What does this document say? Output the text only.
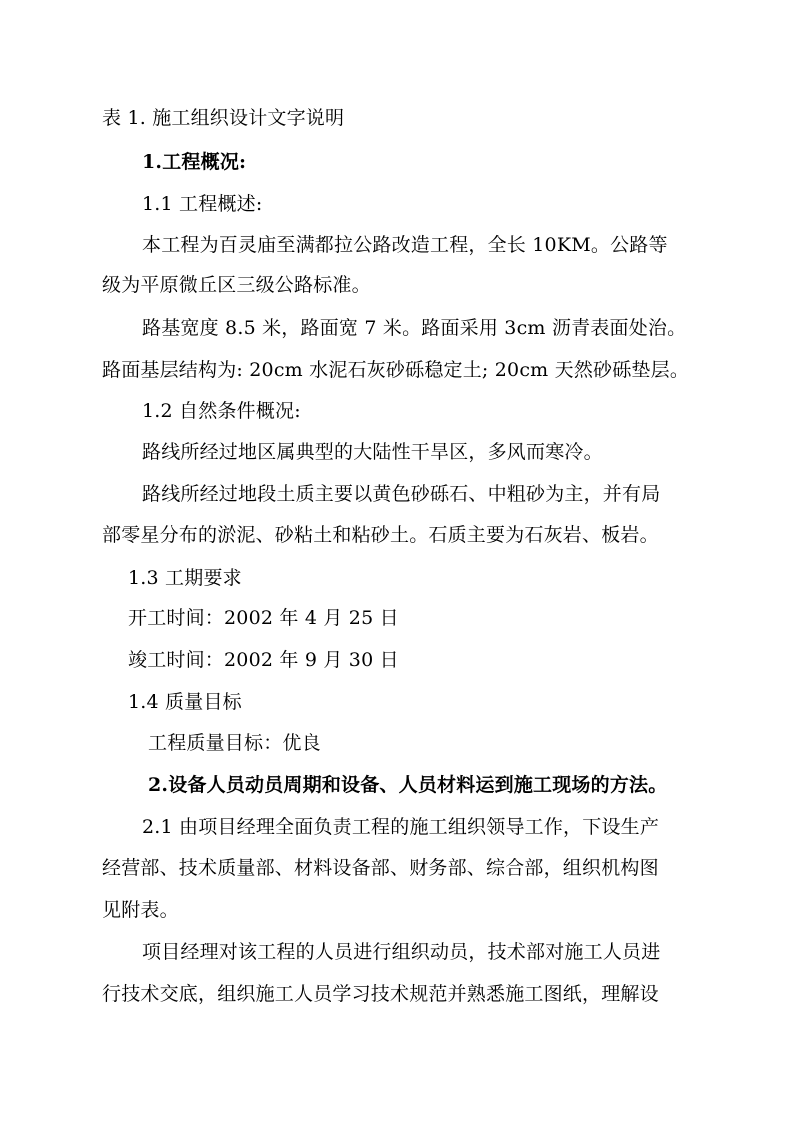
表 1. 施工组织设计文字说明
1.工程概况:
1.1 工程概述:
本工程为百灵庙至满都拉公路改造工程，全长 10KM。公路等
级为平原微丘区三级公路标准。
路基宽度 8.5 米，路面宽 7 米。路面采用 3cm 沥青表面处治。
路面基层结构为: 20cm 水泥石灰砂砾稳定土; 20cm 天然砂砾垫层。
1.2 自然条件概况:
路线所经过地区属典型的大陆性干旱区，多风而寒冷。
路线所经过地段土质主要以黄色砂砾石、中粗砂为主，并有局
部零星分布的淤泥、砂粘土和粘砂土。石质主要为石灰岩、板岩。
1.3 工期要求
开工时间：2002 年 4 月 25 日
竣工时间：2002 年 9 月 30 日
1.4 质量目标
工程质量目标：优良
2.设备人员动员周期和设备、人员材料运到施工现场的方法。
2.1 由项目经理全面负责工程的施工组织领导工作，下设生产
经营部、技术质量部、材料设备部、财务部、综合部，组织机构图
见附表。
项目经理对该工程的人员进行组织动员，技术部对施工人员进
行技术交底，组织施工人员学习技术规范并熟悉施工图纸，理解设
